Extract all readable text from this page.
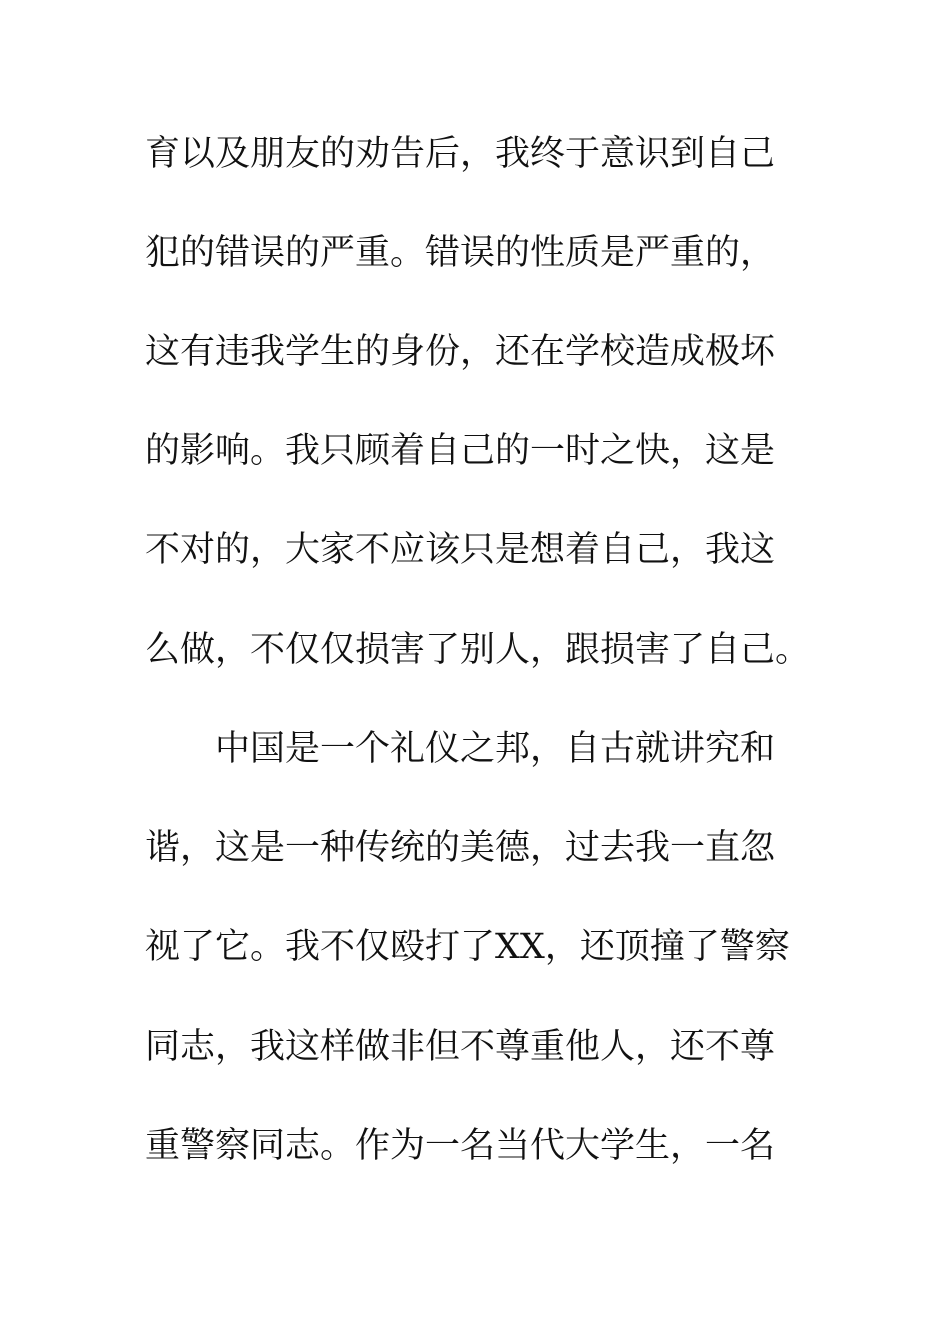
育以及朋友的劝告后，我终于意识到自己

犯的错误的严重。错误的性质是严重的，

这有违我学生的身份，还在学校造成极坏

的影响。我只顾着自己的一时之快，这是

不对的，大家不应该只是想着自己，我这

么做，不仅仅损害了别人，跟损害了自己。

中国是一个礼仪之邦，自古就讲究和

谐，这是一种传统的美德，过去我一直忽

视了它。我不仅殴打了XX，还顶撞了警察

同志，我这样做非但不尊重他人，还不尊

重警察同志。作为一名当代大学生，一名
